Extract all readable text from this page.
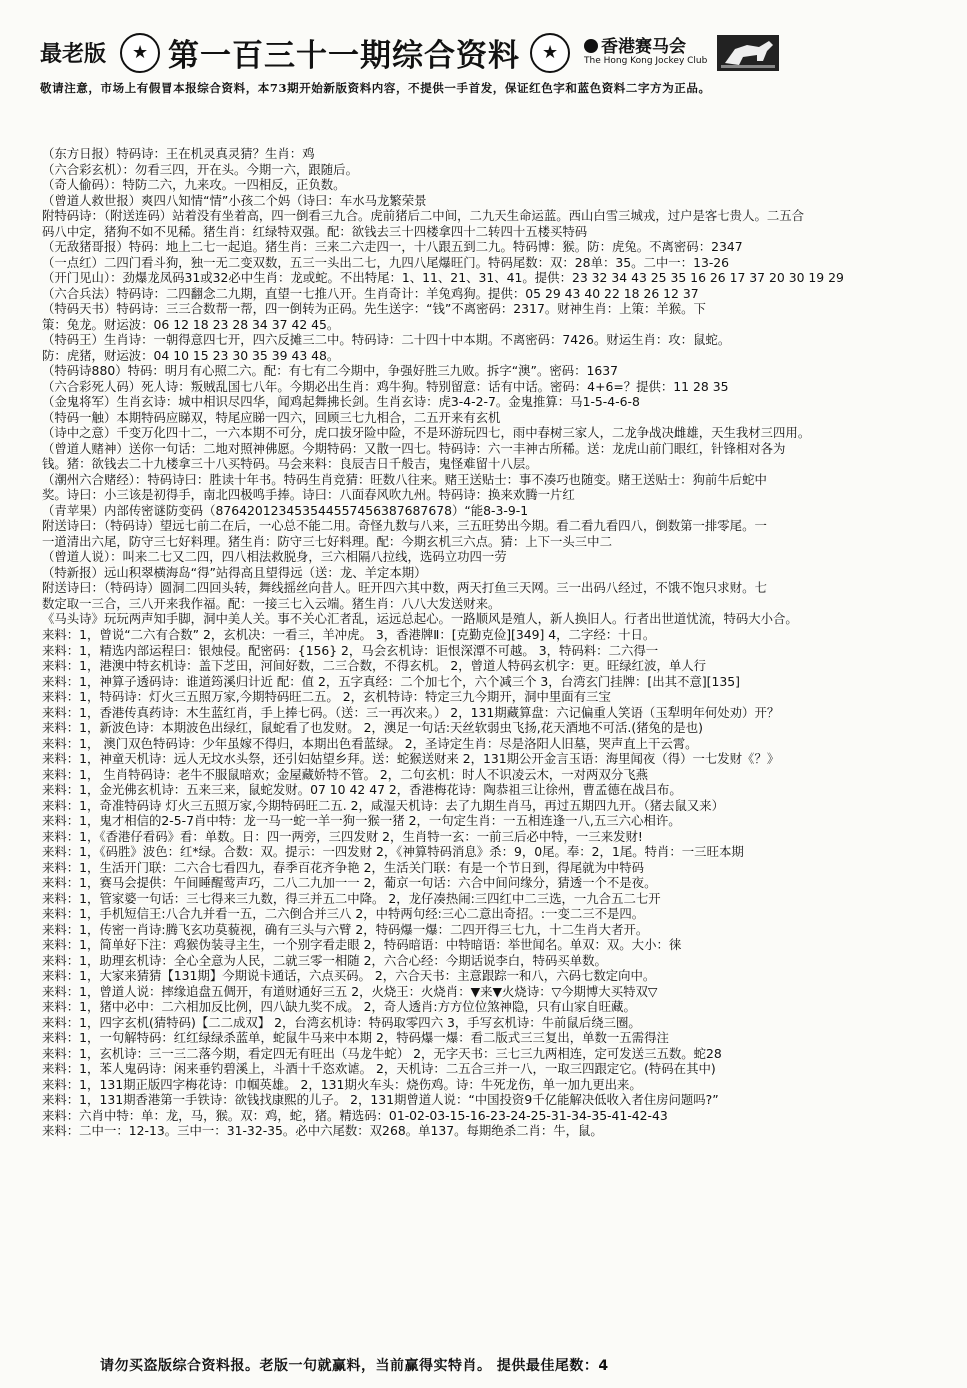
最老版	★ 第一百三十一期综合资料	★	香港赛马会
The Hong Kong Jockey Club
敬请注意，市场上有假冒本报综合资料，本73期开始新版资料内容，不提供一手首发，保证红色字和蓝色资料二字方为正品。
（东方日报）特码诗：王在机灵真灵猜？生肖：鸡
（六合彩玄机）：勿看三四，开在头。今期一六，跟随后。
（奇人偷码）：特防二六，九来攻。一四相反，正负数。
（曾道人救世报）爽四八知情“情”小孩二个妈（诗曰：车水马龙繁荣景
附特码诗：（附送连码）站着没有坐着高，四一倒看三九合。虎前猪后二中间，二九天生命运蓝。西山白雪三城戎，过户是客七贵人。二五合
码八中定，猪狗不如不见稀。猪生肖：红绿特双强。配：欲钱去三十四楼拿四十二转四十五楼买特码
（无敌猪哥报）特码：地上二七一起追。猪生肖：三来二六走四一，十八跟五到二九。特码博：猴。防：虎兔。不离密码：2347
（一点红）二四门看斗狗，独一无二变双数，五三一头出二七，九四八尾爆旺门。特码尾数：双：28单：35。二中一：13-26
（开门见山）：劲爆龙凤码31或32必中生肖：龙或蛇。不出特尾：1、11、21、31、41。提供：23 32 34 43 25 35 16 26 17 37 20 30 19 29
（六合兵法）特码诗：二四翻念二九期，直望一七推八开。生肖奇计：羊兔鸡狗。提供：05 29 43 40 22 18 26 12 37
（特码天书）特码诗：三三合数帮一帮，四一倒转为正码。先生送字：“钱”不离密码：2317。财神生肖：上策：羊猴。下
策：兔龙。财运波：06 12 18 23 28 34 37 42 45。
（特码王）生肖诗：一朝得意四七开，四六反摊三二中。特码诗：二十四十中本期。不离密码：7426。财运生肖：攻：鼠蛇。
防：虎猪，财运波：04 10 15 23 30 35 39 43 48。
（特码诗880）特码：明月有心照二六。配：有七有二今期中，争强好胜三九败。拆字“澳”。密码：1637
（六合彩死人码）死人诗：叛贼乱国七八年。今期必出生肖：鸡牛狗。特别留意：话有中话。密码：4+6=？提供：11 28 35
（金鬼将军）生肖玄诗：城中相识尽四华，闻鸡起舞拂长剑。生肖玄诗：虎3-4-2-7。金鬼推算：马1-5-4-6-8
（特码一触）本期特码应睇双，特尾应睇一四六，回顾三七九相合，二五开来有玄机
（诗中之意）千变万化四十二，一六本期不可分，虎口拔牙险中险，不是环游玩四七，雨中春树三家人，二龙争战决雌雄，天生我材三四用。
（曾道人赌神）送你一句话：二地对照神佛愿。今期特码：又散一四七。特码诗：六一丰神古所稀。送：龙虎山前门眼红，针锋相对各为
钱。猪：欲钱去二十九楼拿三十八买特码。马会来料：良辰吉日千般吉，鬼怪难留十八层。
（潮州六合赌经）：特码诗曰：胜读十年书。特码生肖竞猜：旺数八往来。赌王送贴士：事不凑巧也随变。赌王送贴士：狗前牛后蛇中
奖。诗曰：小三该是初得手，南北四极鸣手捧。诗曰：八面春风吹九州。特码诗：换来欢腾一片红
（青苹果）内部传密谜防变码（876420123453544557456387687678）“能8-3-9-1
附送诗曰：（特码诗）望远七前二在后，一心总不能二用。奇怪九数与八来，三五旺势出今期。看二看九看四八，倒数第一排零尾。一
一道清出六尾，防守三七好料理。猪生肖：防守三七好料理。配：今期玄机三六点。猜：上下一头三中二
（曾道人说）：叫来二七又二四，四八相法救脱身，三六相隔八拉线，选码立功四一劳
（特新报）远山积翠横海岛“得”站得高且望得远（送：龙、羊定本期）
附送诗曰：（特码诗）圆洞二四回头转，舞线摇丝向昔人。旺开四六其中数，两天打鱼三天网。三一出码八经过，不饿不饱只求财。七
数定取一三合，三八开来我作福。配：一接三七入云端。猪生肖：八八大发送财来。
《马头诗》玩玩两声知手脚，洞中美人关。事不关心汇者乱，运远总起心。一路顺风是殖人，新人换旧人。行者出世道忧流，特码大小合。
来料：1，曾说“二六有合数” 2，玄机决：一看三，羊冲虎。 3，香港牌Ⅱ：[克勤克俭][349] 4，二字经：十日。
来料：1，精选内部运程曰：银烛侵。配密码：{156} 2，马会玄机诗：讵恨深潭不可越。 3，特码料：二六得一
来料：1，港澳中特玄机诗：盖下芝田，河间好数，二三合数，不得玄机。 2，曾道人特码玄机字：更。旺绿红波，单人行
来料：1，神算子透码诗：谁道筠溪归计近 配：值 2，五字真经：二个加七个，六个减三个 3，台湾玄门挂牌：[出其不意][135]
来料：1，特码诗：灯火三五照万家,今期特码旺二五。 2，玄机特诗：特定三九今期开，洞中里面有三宝
来料：1，香港传真药诗：木生蓝红肖，手上捧七码。（送：三一再次来。） 2，131期藏算盘：六记偏重人笑语（玉犁明年何处劝）开？
来料：1，新波色诗：本期波色出绿红，鼠蛇看了也发财。 2，澳足一句话:天丝软弱虫飞扬,花天酒地不可活.(猪兔的是也)
来料：1， 澳门双色特码诗：少年虽嫁不得归，本期出色看蓝绿。 2，圣诗定生肖：尽是洛阳人旧墓，哭声直上干云霄。
来料：1，神童天机诗：远人无坟水头祭，还引妇姑望乡拜。送：蛇猴送财来 2，131期公开金言玉语：海里闻夜（得）一七发财《？》
来料：1， 生肖特码诗：老牛不服鼠暗欢；金屋藏娇特不管。 2，二句玄机：时人不识凌云木，一对两双分飞燕
来料：1，金光佛玄机诗：五来三来，鼠蛇发财。07 10 42 47 2，香港梅花诗：陶恭祖三让徐州，曹孟德在战吕布。
来料：1，奇准特码诗 灯火三五照万家,今期特码旺二五. 2，咸湿天机诗：去了九期生肖马，再过五期四九开。（猪去鼠又来）
来料：1，鬼才相信的2-5-7肖中特：龙一马一蛇一羊一狗一猴一猪 2，一句定生肖：一五相连逢一八,五三六心相许。
来料：1，《香港仔看码》看：单数。日：四一两旁，三四发财 2，生肖特一玄：一前三后必中特，一三来发财!
来料：1，《码胜》波色：红*绿。合数：双。提示：一四发财 2，《神算特码消息》杀：9，0尾。奉：2，1尾。特肖：一三旺本期
来料：1，生活开门联：二六合七看四九，春季百花齐争艳 2，生活关门联：有是一个节日到，得尾就为中特码
来料：1，赛马会提供：午间睡醒莺声巧，二八二九加一一 2，葡京一句话：六合中间问缘分，猜透一个不是夜。
来料：1，管家婆一句话：三七得来三九数，得三并五二中降。 2，龙仔凑热闹:三四红中二三选，一九合五二七开
来料：1，手机短信王:八合九并看一五，二六倒合并三八 2，中特两句经:三心二意出奇招。:一变二三不是四。
来料：1，传密一肖诗:腾飞玄功莫藐视，确有三头与六臂 2，特码爆一爆：二四开得三七九，十二生肖大者开。
来料：1，简单好下注：鸡猴伪装寻主生，一个别字看走眼 2，特码暗语：中特暗语：举世闻名。单双：双。大小：徕
来料：1，助理玄机诗：全心全意为人民，二就三零一相随 2，六合心经：今期话说李白，特码买单数。
来料：1，大家来猜猜【131期】今期说卡通话，六点买码。 2，六合天书：主意跟踪一和八，六码七数定向中。
来料：1，曾道人说：摔缘追盘五倜开，有道财通好三五 2，火烧王：火烧肖：▼来▼火烧诗：▽今期博大买特双▽
来料：1，猪中必中：二六相加反比例，四八缺九奖不成。 2，奇人透肖:方方位位煞神隐，只有山家自旺藏。
来料：1，四字玄机(猜特码)【二二成双】 2，台湾玄机诗：特码取零四六 3，手写玄机诗：牛前鼠后绕三圈。
来料：1，一句解特码：红红绿绿杀蓝单，蛇鼠牛马来中本期 2，特码爆一爆：看二版式三三复出，单数一五需得注
来料：1，玄机诗：三一三二落今期，看定四无有旺出（马龙牛蛇） 2，无字天书：三七三九两相连，定可发送三五数。蛇28
来料：1，苯人鬼码诗：闲来垂钓碧溪上，斗酒十千恣欢谑。 2，天机诗：二五合三并一八，一取三四跟定它。(特码在其中)
来料：1，131期正版四字梅花诗：巾帼英雄。 2，131期火车头：烧伤鸡。诗：牛死龙伤，单一加九更出来。
来料：1，131期香港第一手铁诗：欲钱找康熙的儿子。 2，131期曾道人说：“中国投资9千亿能解决低收入者住房问题吗?”
来料：六肖中特：单：龙，马，猴。双：鸡，蛇，猪。精选码：01-02-03-15-16-23-24-25-31-34-35-41-42-43
来料：二中一：12-13。三中一：31-32-35。必中六尾数：双268。单137。每期绝杀二肖：牛，鼠。
请勿买盗版综合资料报。老版一句就赢料，当前赢得实特肖。 提供最佳尾数：4
